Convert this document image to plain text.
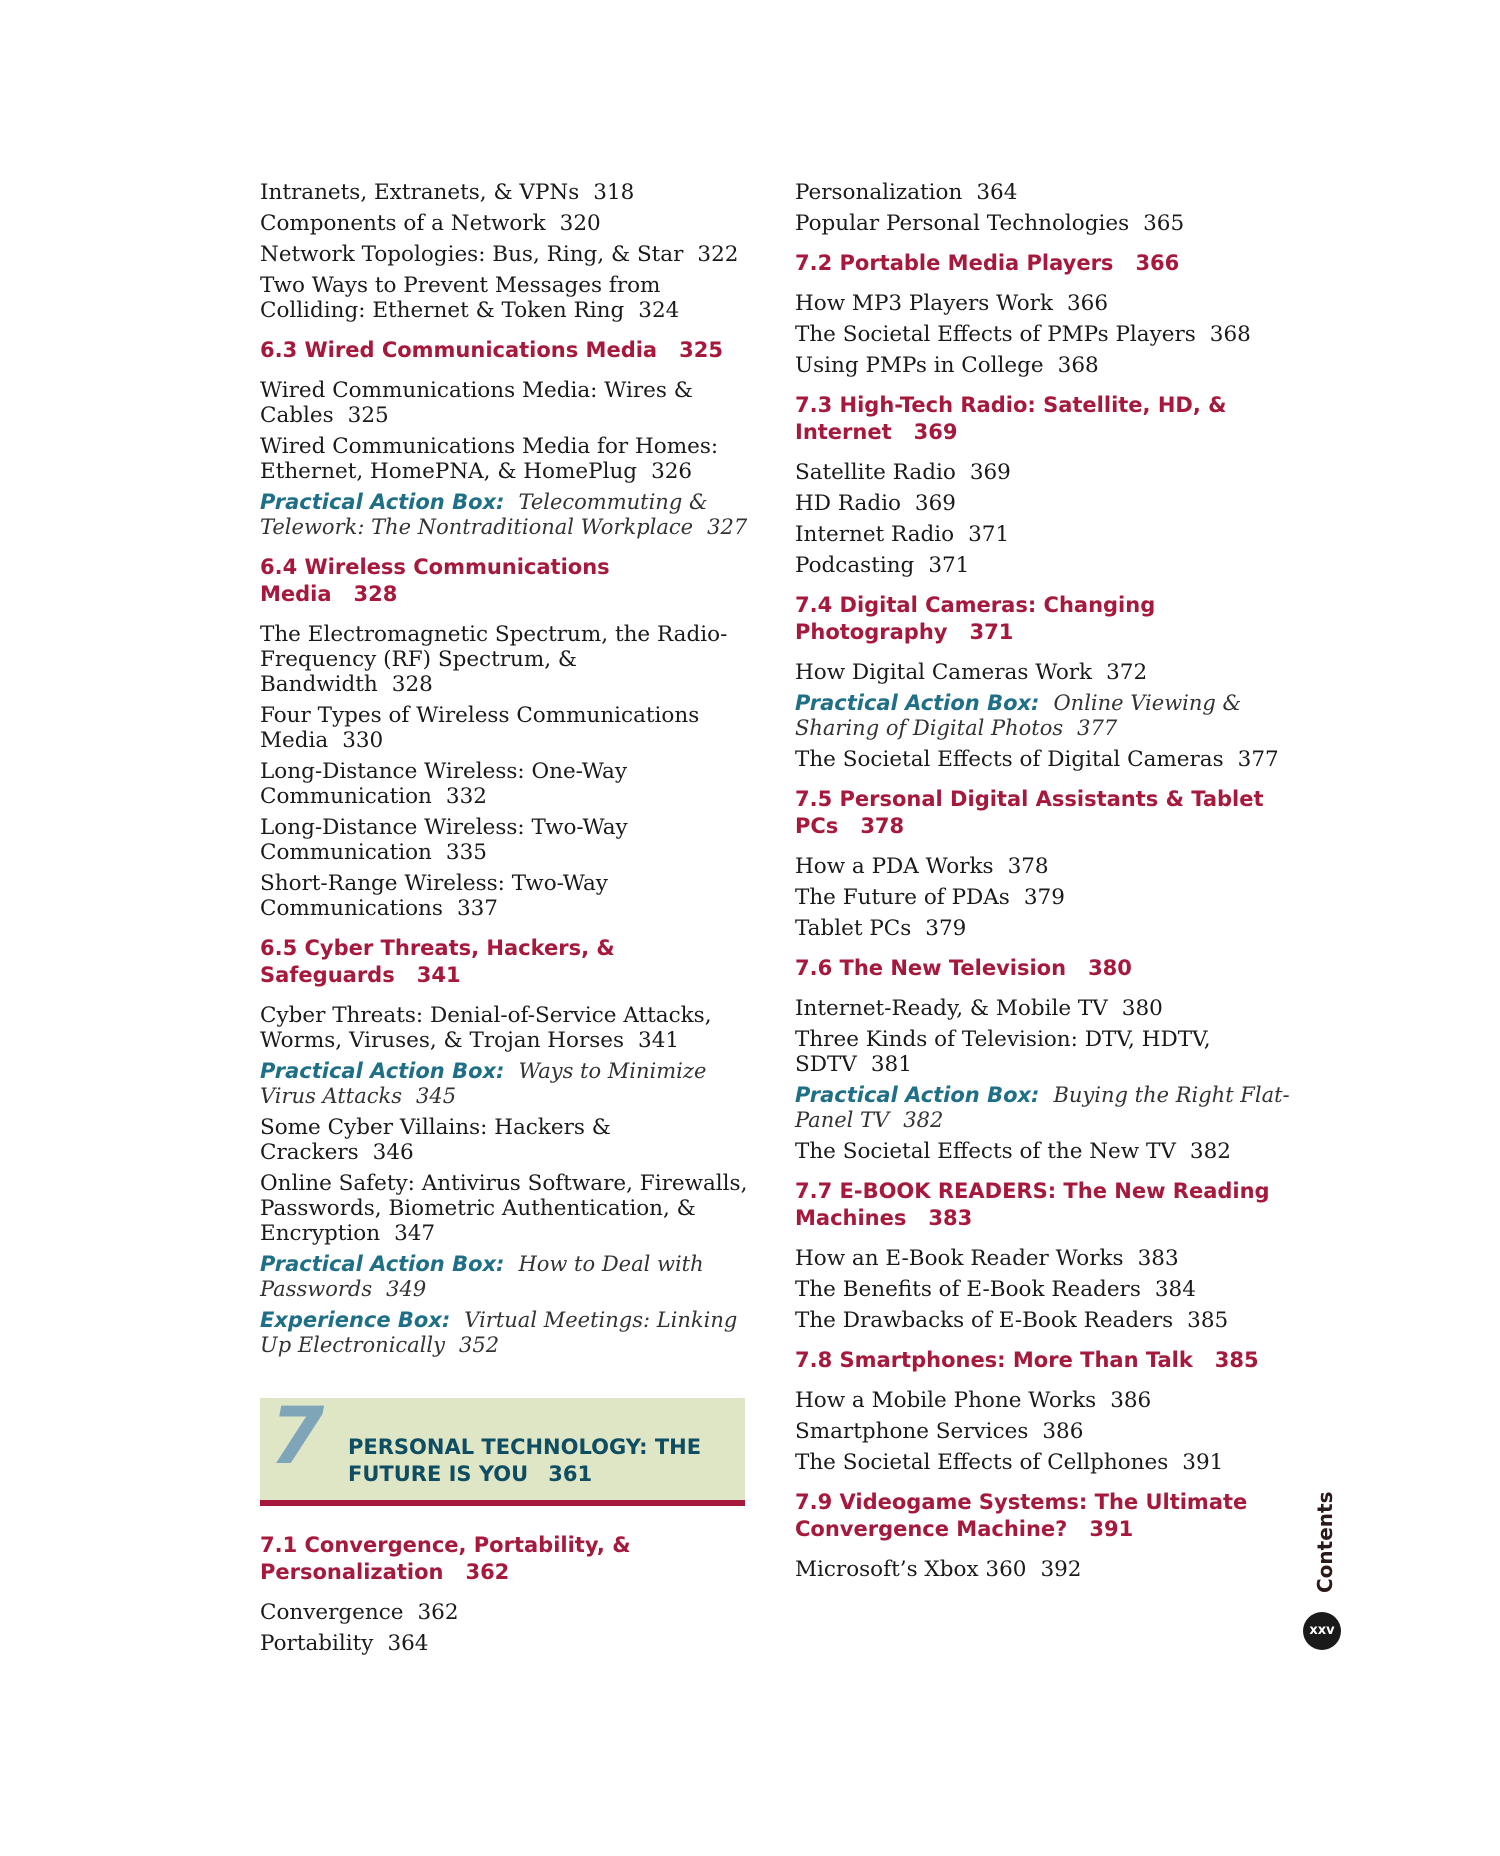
Intranets, Extranets, & VPNs 318
Components of a Network 320
Network Topologies: Bus, Ring, & Star 322
Two Ways to Prevent Messages from Colliding: Ethernet & Token Ring 324
6.3 Wired Communications Media 325
Wired Communications Media: Wires & Cables 325
Wired Communications Media for Homes: Ethernet, HomePNA, & HomePlug 326
Practical Action Box: Telecommuting & Telework: The Nontraditional Workplace 327
6.4 Wireless Communications Media 328
The Electromagnetic Spectrum, the Radio-Frequency (RF) Spectrum, & Bandwidth 328
Four Types of Wireless Communications Media 330
Long-Distance Wireless: One-Way Communication 332
Long-Distance Wireless: Two-Way Communication 335
Short-Range Wireless: Two-Way Communications 337
6.5 Cyber Threats, Hackers, & Safeguards 341
Cyber Threats: Denial-of-Service Attacks, Worms, Viruses, & Trojan Horses 341
Practical Action Box: Ways to Minimize Virus Attacks 345
Some Cyber Villains: Hackers & Crackers 346
Online Safety: Antivirus Software, Firewalls, Passwords, Biometric Authentication, & Encryption 347
Practical Action Box: How to Deal with Passwords 349
Experience Box: Virtual Meetings: Linking Up Electronically 352
7 PERSONAL TECHNOLOGY: THE FUTURE IS YOU 361
7.1 Convergence, Portability, & Personalization 362
Convergence 362
Portability 364
Personalization 364
Popular Personal Technologies 365
7.2 Portable Media Players 366
How MP3 Players Work 366
The Societal Effects of PMPs Players 368
Using PMPs in College 368
7.3 High-Tech Radio: Satellite, HD, & Internet 369
Satellite Radio 369
HD Radio 369
Internet Radio 371
Podcasting 371
7.4 Digital Cameras: Changing Photography 371
How Digital Cameras Work 372
Practical Action Box: Online Viewing & Sharing of Digital Photos 377
The Societal Effects of Digital Cameras 377
7.5 Personal Digital Assistants & Tablet PCs 378
How a PDA Works 378
The Future of PDAs 379
Tablet PCs 379
7.6 The New Television 380
Internet-Ready, & Mobile TV 380
Three Kinds of Television: DTV, HDTV, SDTV 381
Practical Action Box: Buying the Right Flat-Panel TV 382
The Societal Effects of the New TV 382
7.7 E-BOOK READERS: The New Reading Machines 383
How an E-Book Reader Works 383
The Benefits of E-Book Readers 384
The Drawbacks of E-Book Readers 385
7.8 Smartphones: More Than Talk 385
How a Mobile Phone Works 386
Smartphone Services 386
The Societal Effects of Cellphones 391
7.9 Videogame Systems: The Ultimate Convergence Machine? 391
Microsoft’s Xbox 360 392	Contents
xxv
